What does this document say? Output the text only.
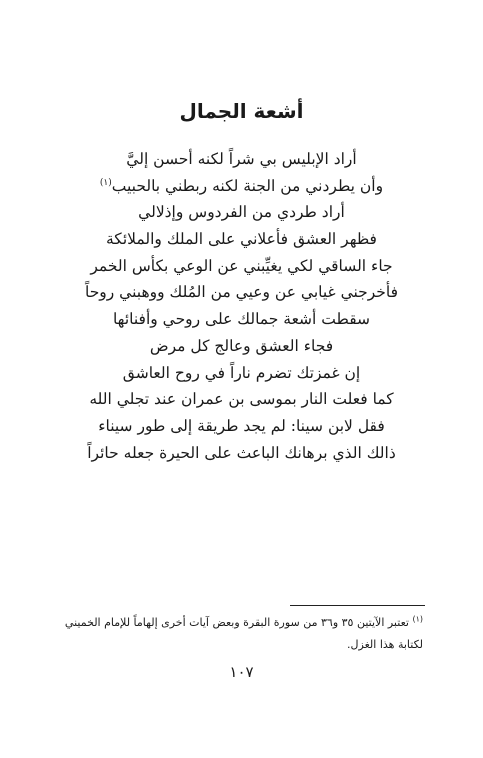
أشعة الجمال
أراد الإبليس بي شراً لكنه أحسن إليَّ
وأن يطردني من الجنة لكنه ربطني بالحبيب$^{(١)}$
أراد طردي من الفردوس وإذلالي
فظهر العشق فأعلاني على الملك والملائكة
جاء الساقي لكي يغيِّبني عن الوعي بكأس الخمر
فأخرجني غيابي عن وعيي من المُلك ووهبني روحاً
سقطت أشعة جمالك على روحي وأفنائها
فجاء العشق وعالج كل مرض
إن غمزتك تضرم ناراً في روح العاشق
كما فعلت النار بموسى بن عمران عند تجلي الله
فقل لابن سينا: لم يجد طريقة إلى طور سيناء
ذالك الذي برهانك الباعث على الحيرة جعله حائراً

$^{(١)}$ تعتبر الآيتين ٣٥ و٣٦ من سورة البقرة وبعض آيات أخرى إلهاماً للإمام الخميني لكتابة هذا الغزل.

١٠٧
